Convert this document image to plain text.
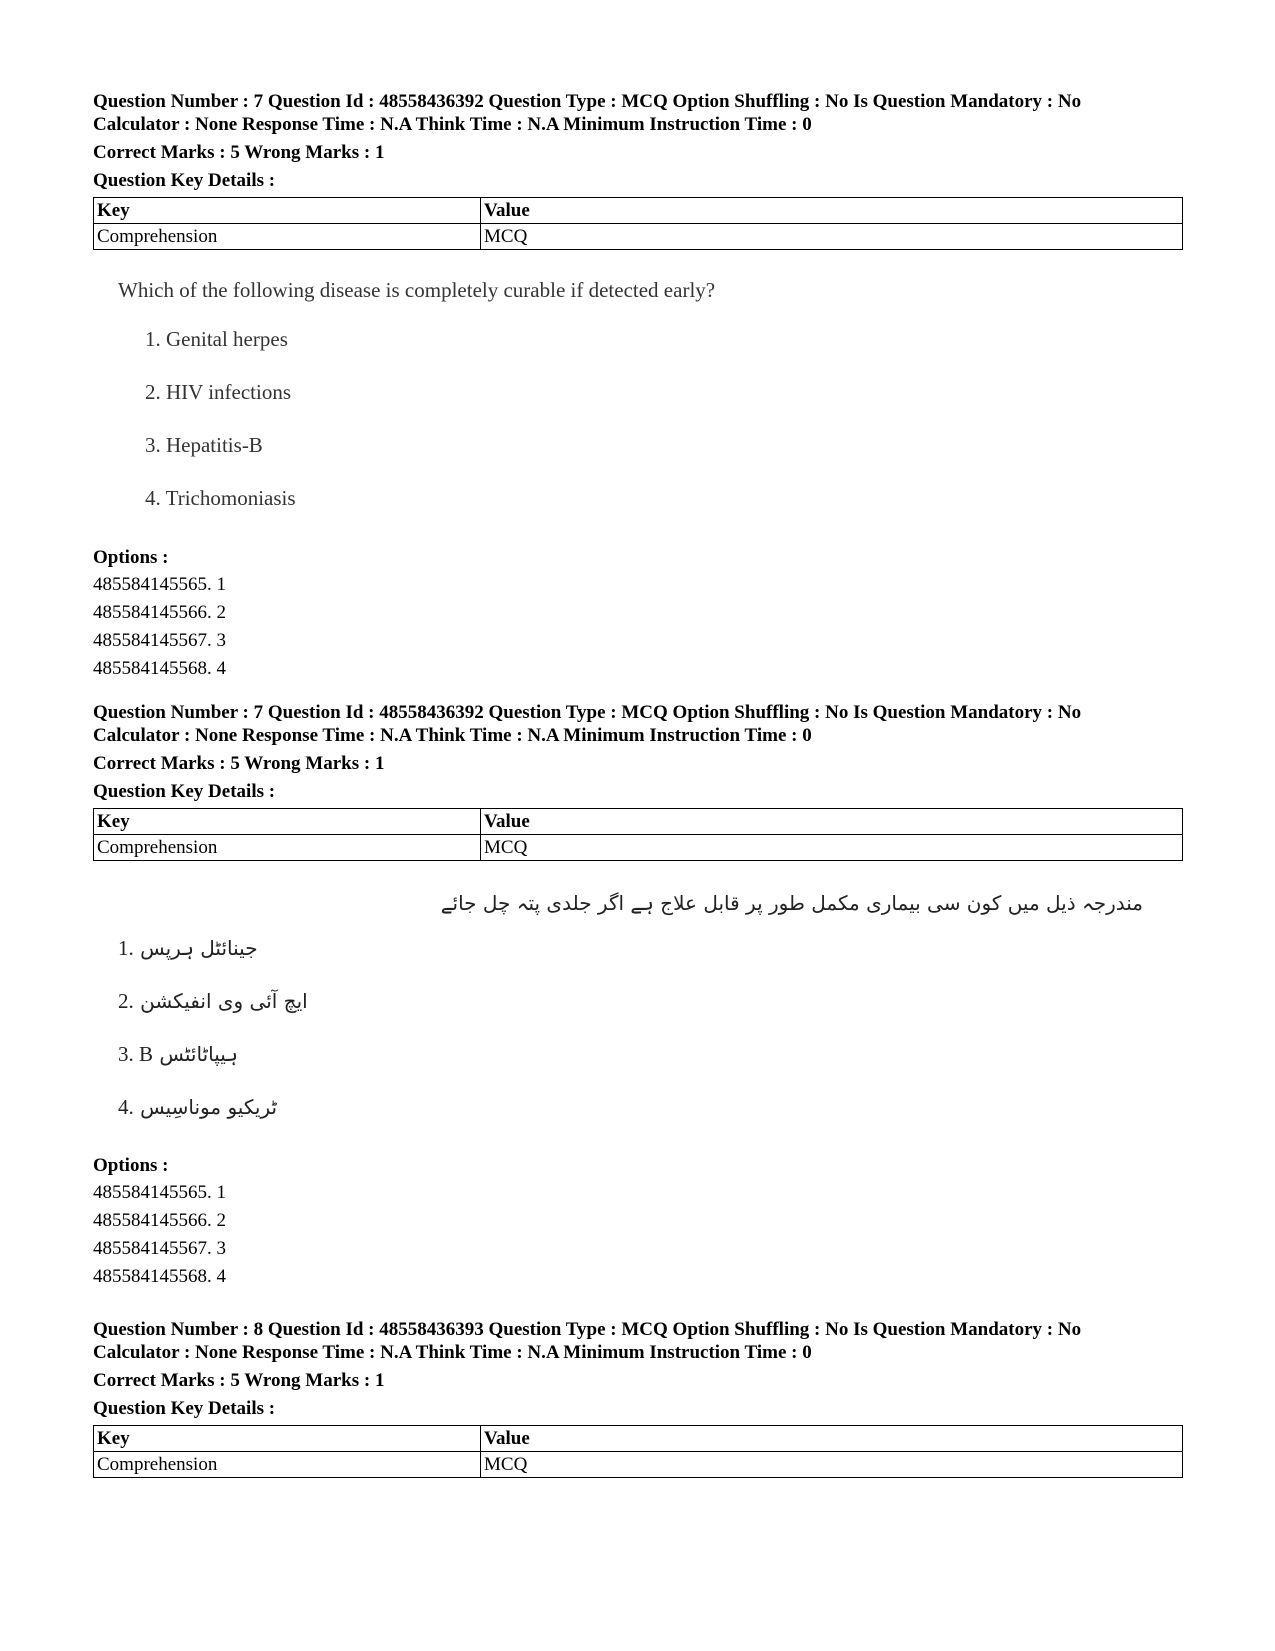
Question Number : 7 Question Id : 48558436392 Question Type : MCQ Option Shuffling : No Is Question Mandatory : No

Calculator : None Response Time : N.A Think Time : N.A Minimum Instruction Time : 0

Correct Marks : 5 Wrong Marks : 1
Question Key Details :
Key	Value
Comprehension	MCQ
Which of the following disease is completely curable if detected early?
1. Genital herpes
2. HIV infections
3. Hepatitis-B
4. Trichomoniasis
Options :
485584145565. 1
485584145566. 2
485584145567. 3
485584145568. 4

Question Number : 7 Question Id : 48558436392 Question Type : MCQ Option Shuffling : No Is Question Mandatory : No

Calculator : None Response Time : N.A Think Time : N.A Minimum Instruction Time : 0

Correct Marks : 5 Wrong Marks : 1
Question Key Details :
Key	Value
Comprehension	MCQ
مندرجہ ذیل میں کون سی بیماری مکمل طور پر قابل علاج ہے اگر جلدی پتہ چل جائے
1. جینائٹل ہرپس
2. ایچ آئی وی انفیکشن
3. B ہیپاٹائٹس
4. ٹریکیو موناسِیس
Options :
485584145565. 1
485584145566. 2
485584145567. 3
485584145568. 4

Question Number : 8 Question Id : 48558436393 Question Type : MCQ Option Shuffling : No Is Question Mandatory : No

Calculator : None Response Time : N.A Think Time : N.A Minimum Instruction Time : 0

Correct Marks : 5 Wrong Marks : 1
Question Key Details :
Key	Value
Comprehension	MCQ
